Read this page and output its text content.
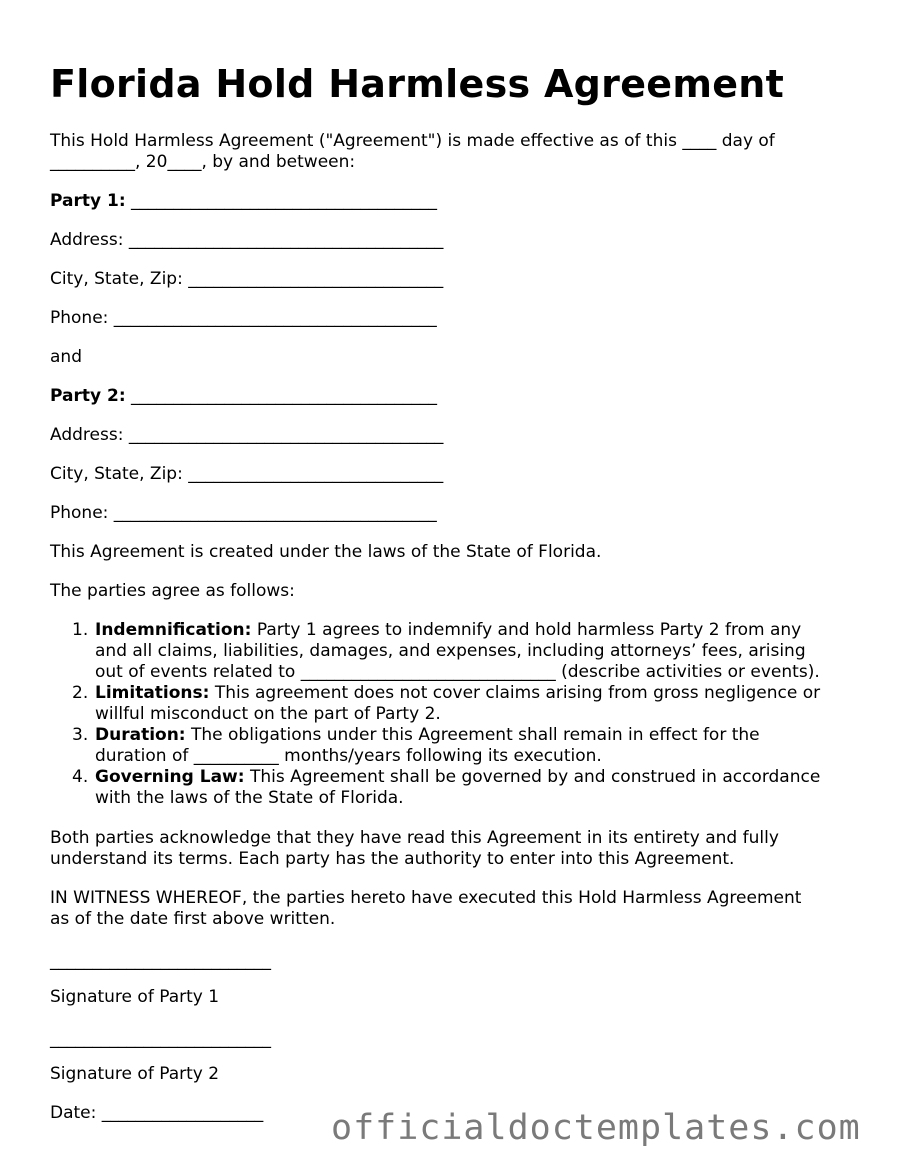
Florida Hold Harmless Agreement

This Hold Harmless Agreement ("Agreement") is made effective as of this ____ day of

__________, 20____, by and between:

Party 1: ____________________________________

Address: _____________________________________

City, State, Zip: ______________________________

Phone: ______________________________________

and

Party 2: ____________________________________

Address: _____________________________________

City, State, Zip: ______________________________

Phone: ______________________________________

This Agreement is created under the laws of the State of Florida.

The parties agree as follows:

1. Indemnification: Party 1 agrees to indemnify and hold harmless Party 2 from any
and all claims, liabilities, damages, and expenses, including attorneys’ fees, arising
out of events related to ______________________________ (describe activities or events).
2. Limitations: This agreement does not cover claims arising from gross negligence or
willful misconduct on the part of Party 2.
3. Duration: The obligations under this Agreement shall remain in effect for the
duration of __________ months/years following its execution.
4. Governing Law: This Agreement shall be governed by and construed in accordance
with the laws of the State of Florida.

Both parties acknowledge that they have read this Agreement in its entirety and fully

understand its terms. Each party has the authority to enter into this Agreement.

IN WITNESS WHEREOF, the parties hereto have executed this Hold Harmless Agreement

as of the date first above written.

__________________________

Signature of Party 1

__________________________

Signature of Party 2

Date: ___________________ officialdoctemplates.com
